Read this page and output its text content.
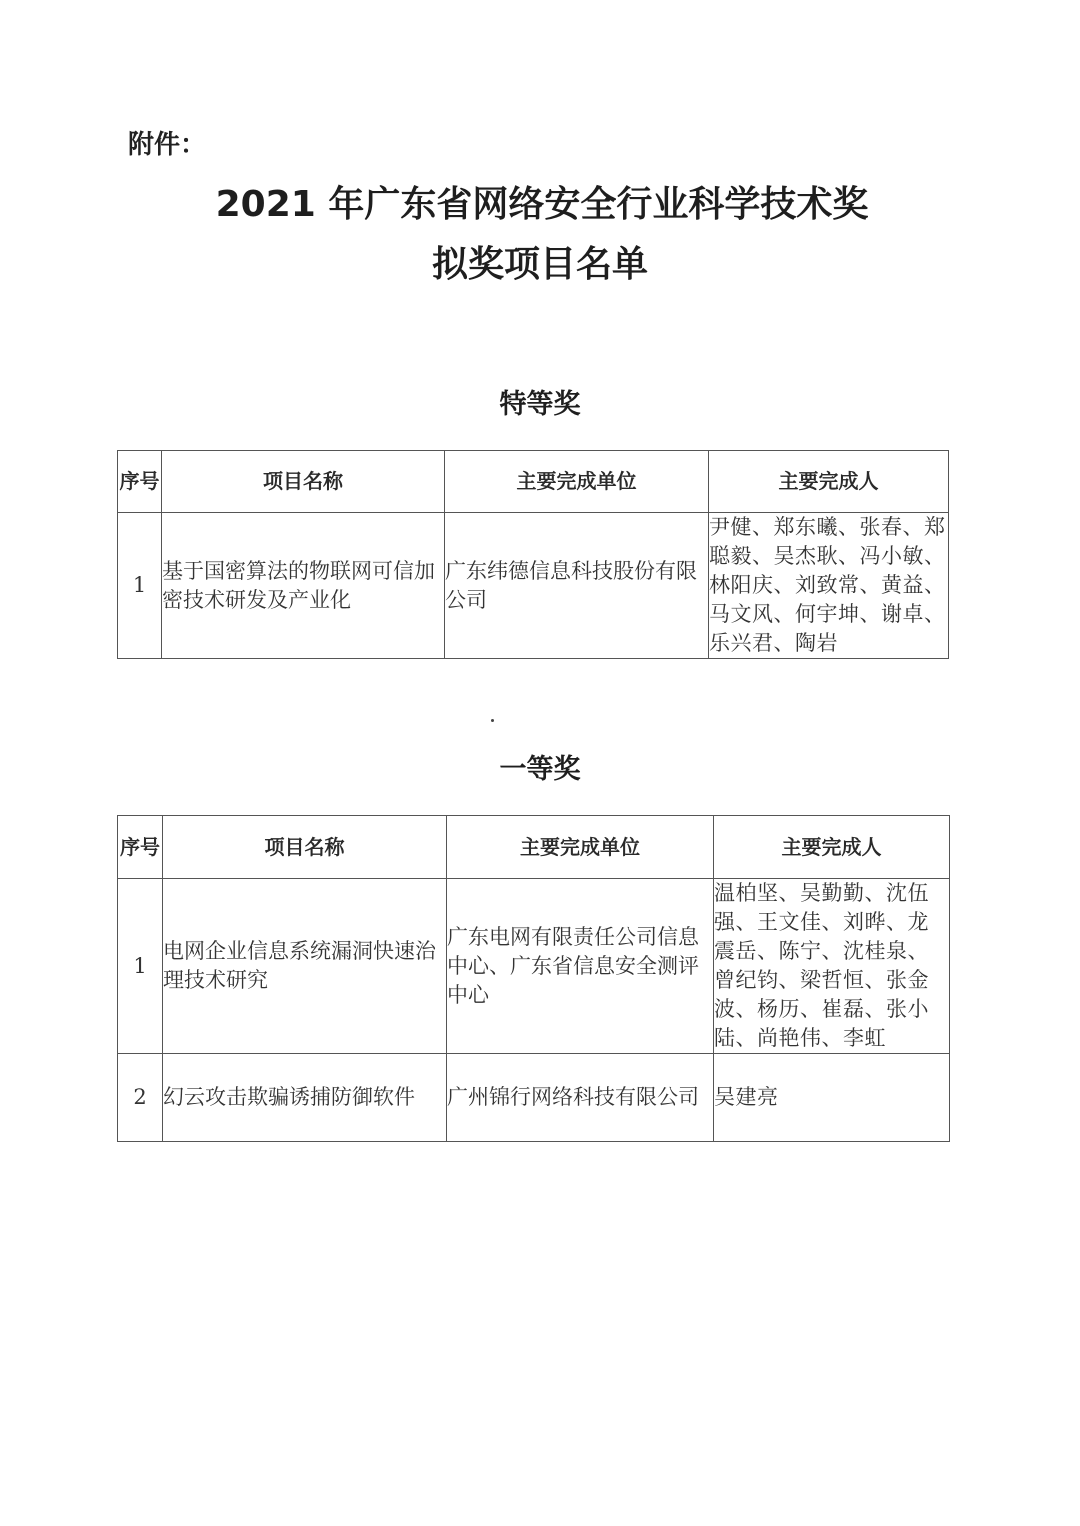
附件：
2021 年广东省网络安全行业科学技术奖
拟奖项目名单
特等奖
序号	项目名称	主要完成单位	主要完成人
1	基于国密算法的物联网可信加密技术研发及产业化	广东纬德信息科技股份有限公司	尹健、郑东曦、张春、郑聪毅、吴杰耿、冯小敏、林阳庆、刘致常、黄益、马文风、何宇坤、谢卓、乐兴君、陶岩
一等奖
序号	项目名称	主要完成单位	主要完成人
1	电网企业信息系统漏洞快速治理技术研究	广东电网有限责任公司信息中心、广东省信息安全测评中心	温柏坚、吴勤勤、沈伍强、王文佳、刘晔、龙震岳、陈宁、沈桂泉、曾纪钧、梁哲恒、张金波、杨历、崔磊、张小陆、尚艳伟、李虹
2	幻云攻击欺骗诱捕防御软件	广州锦行网络科技有限公司	吴建亮
